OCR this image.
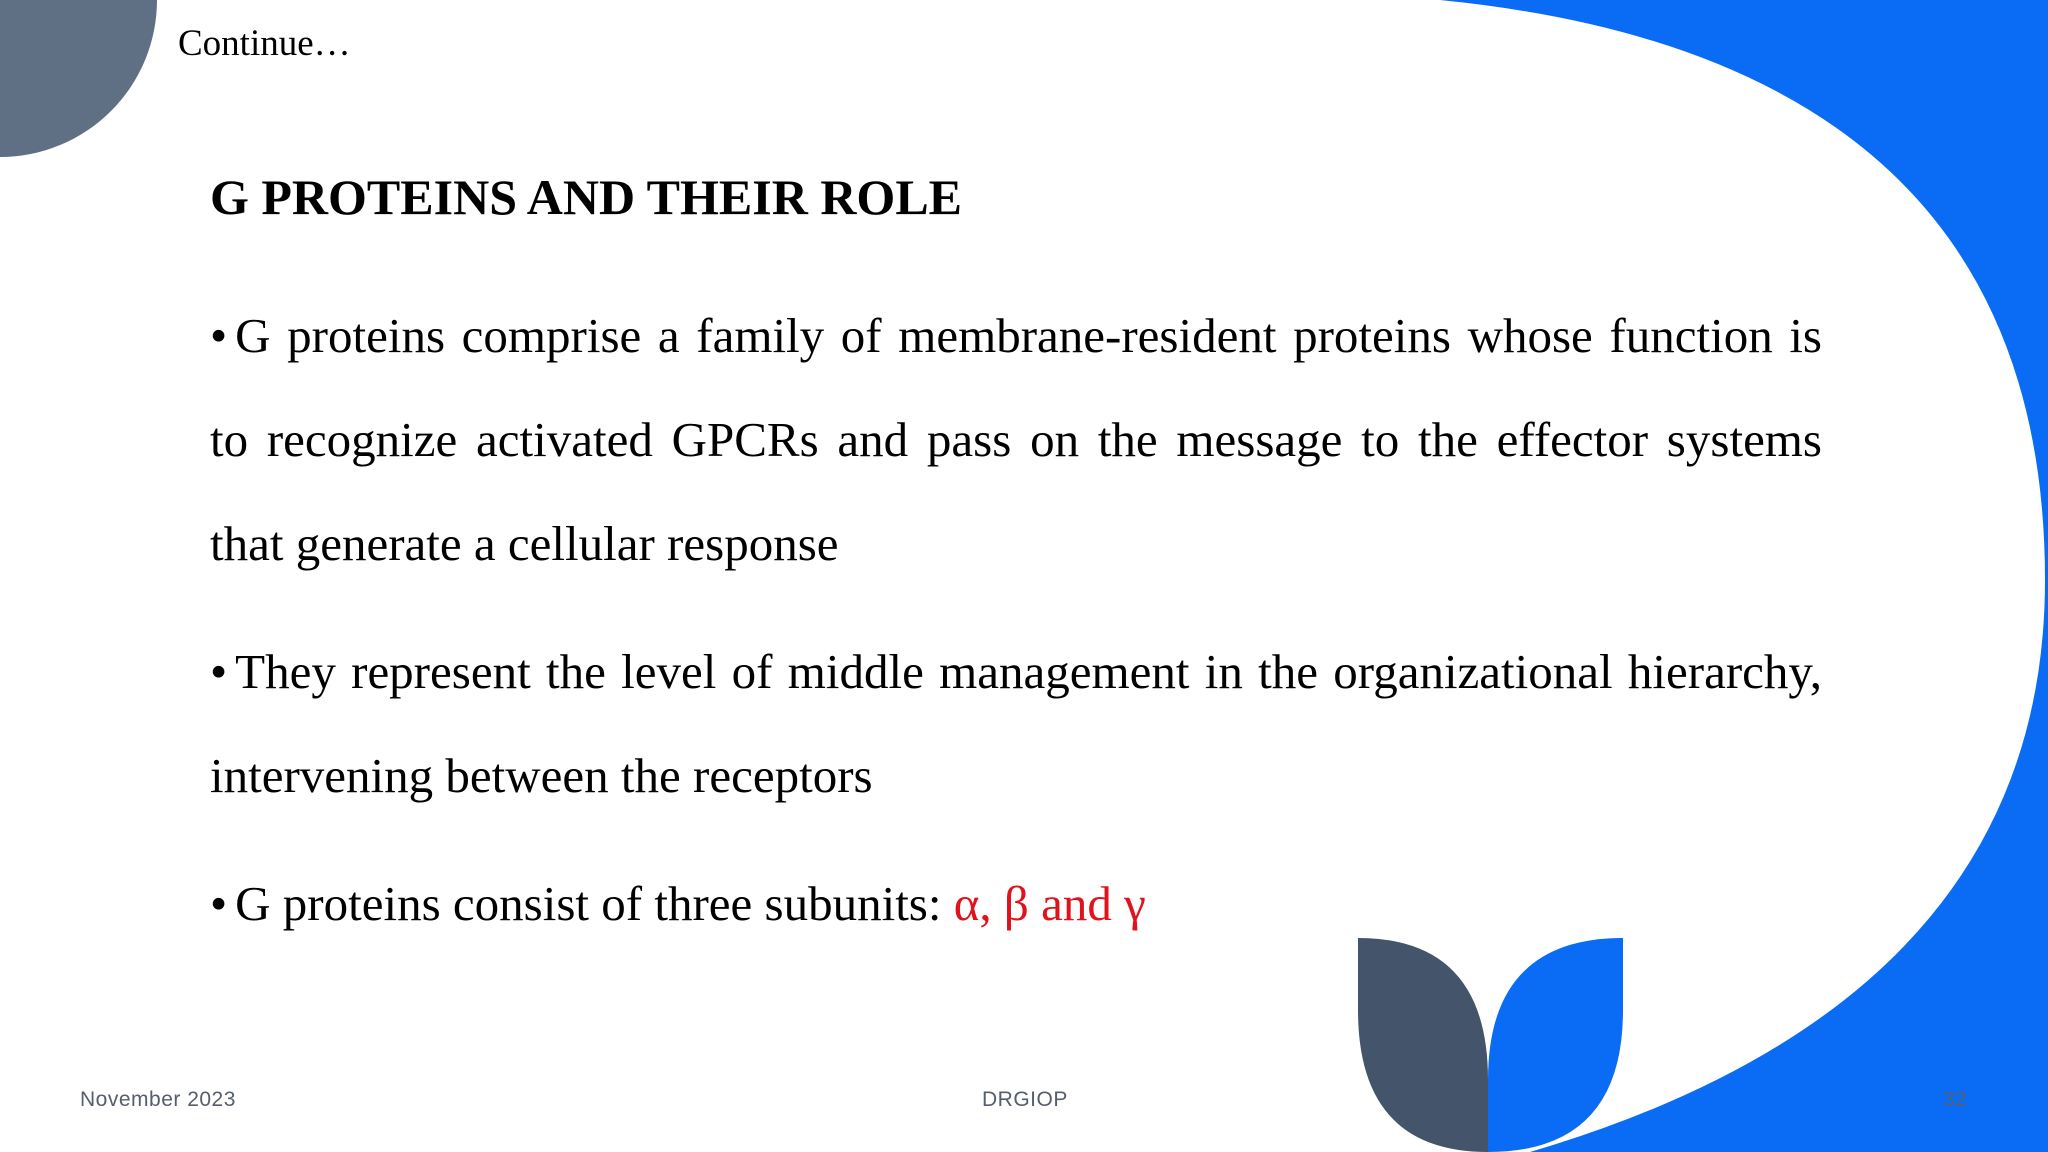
Continue…
G PROTEINS AND THEIR ROLE
• G proteins comprise a family of membrane-resident proteins whose function is to recognize activated GPCRs and pass on the message to the effector systems that generate a cellular response
• They represent the level of middle management in the organizational hierarchy, intervening between the receptors
• G proteins consist of three subunits: α, β and γ
November 2023	DRGIOP	32
